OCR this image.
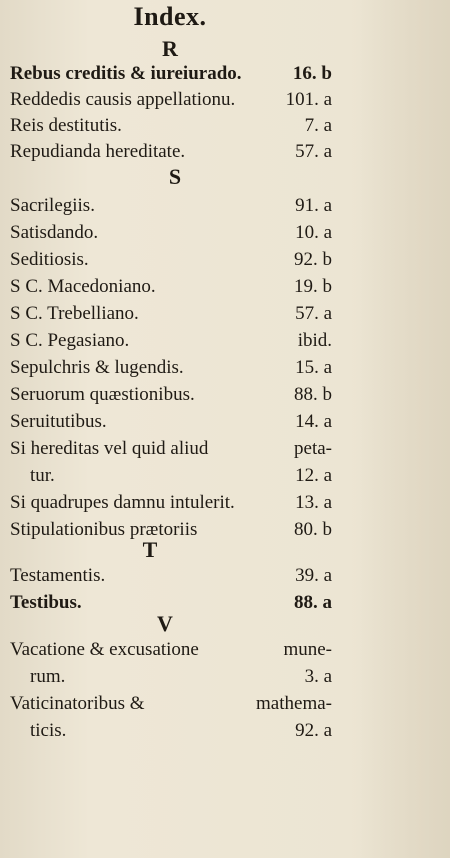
Index.
R
Rebus creditis & iureiurado.	16. b
Reddedis causis appellationu.	101. a
Reis destitutis.	7. a
Repudianda hereditate.	57. a
S
Sacrilegiis.	91. a
Satisdando.	10. a
Seditiosis.	92. b
S C. Macedoniano.	19. b
S C. Trebelliano.	57. a
S C. Pegasiano.	ibid.
Sepulchris & lugendis.	15. a
Seruorum quæstionibus.	88. b
Seruitutibus.	14. a
Si hereditas vel quid aliud	peta-
tur.	12. a
Si quadrupes damnu intulerit.	13. a
Stipulationibus prætoriis	80. b
T
Testamentis.	39. a
Testibus.	88. a
V
Vacatione & excusatione	mune-
rum.	3. a
Vaticinatoribus &	mathema-
ticis.	92. a
